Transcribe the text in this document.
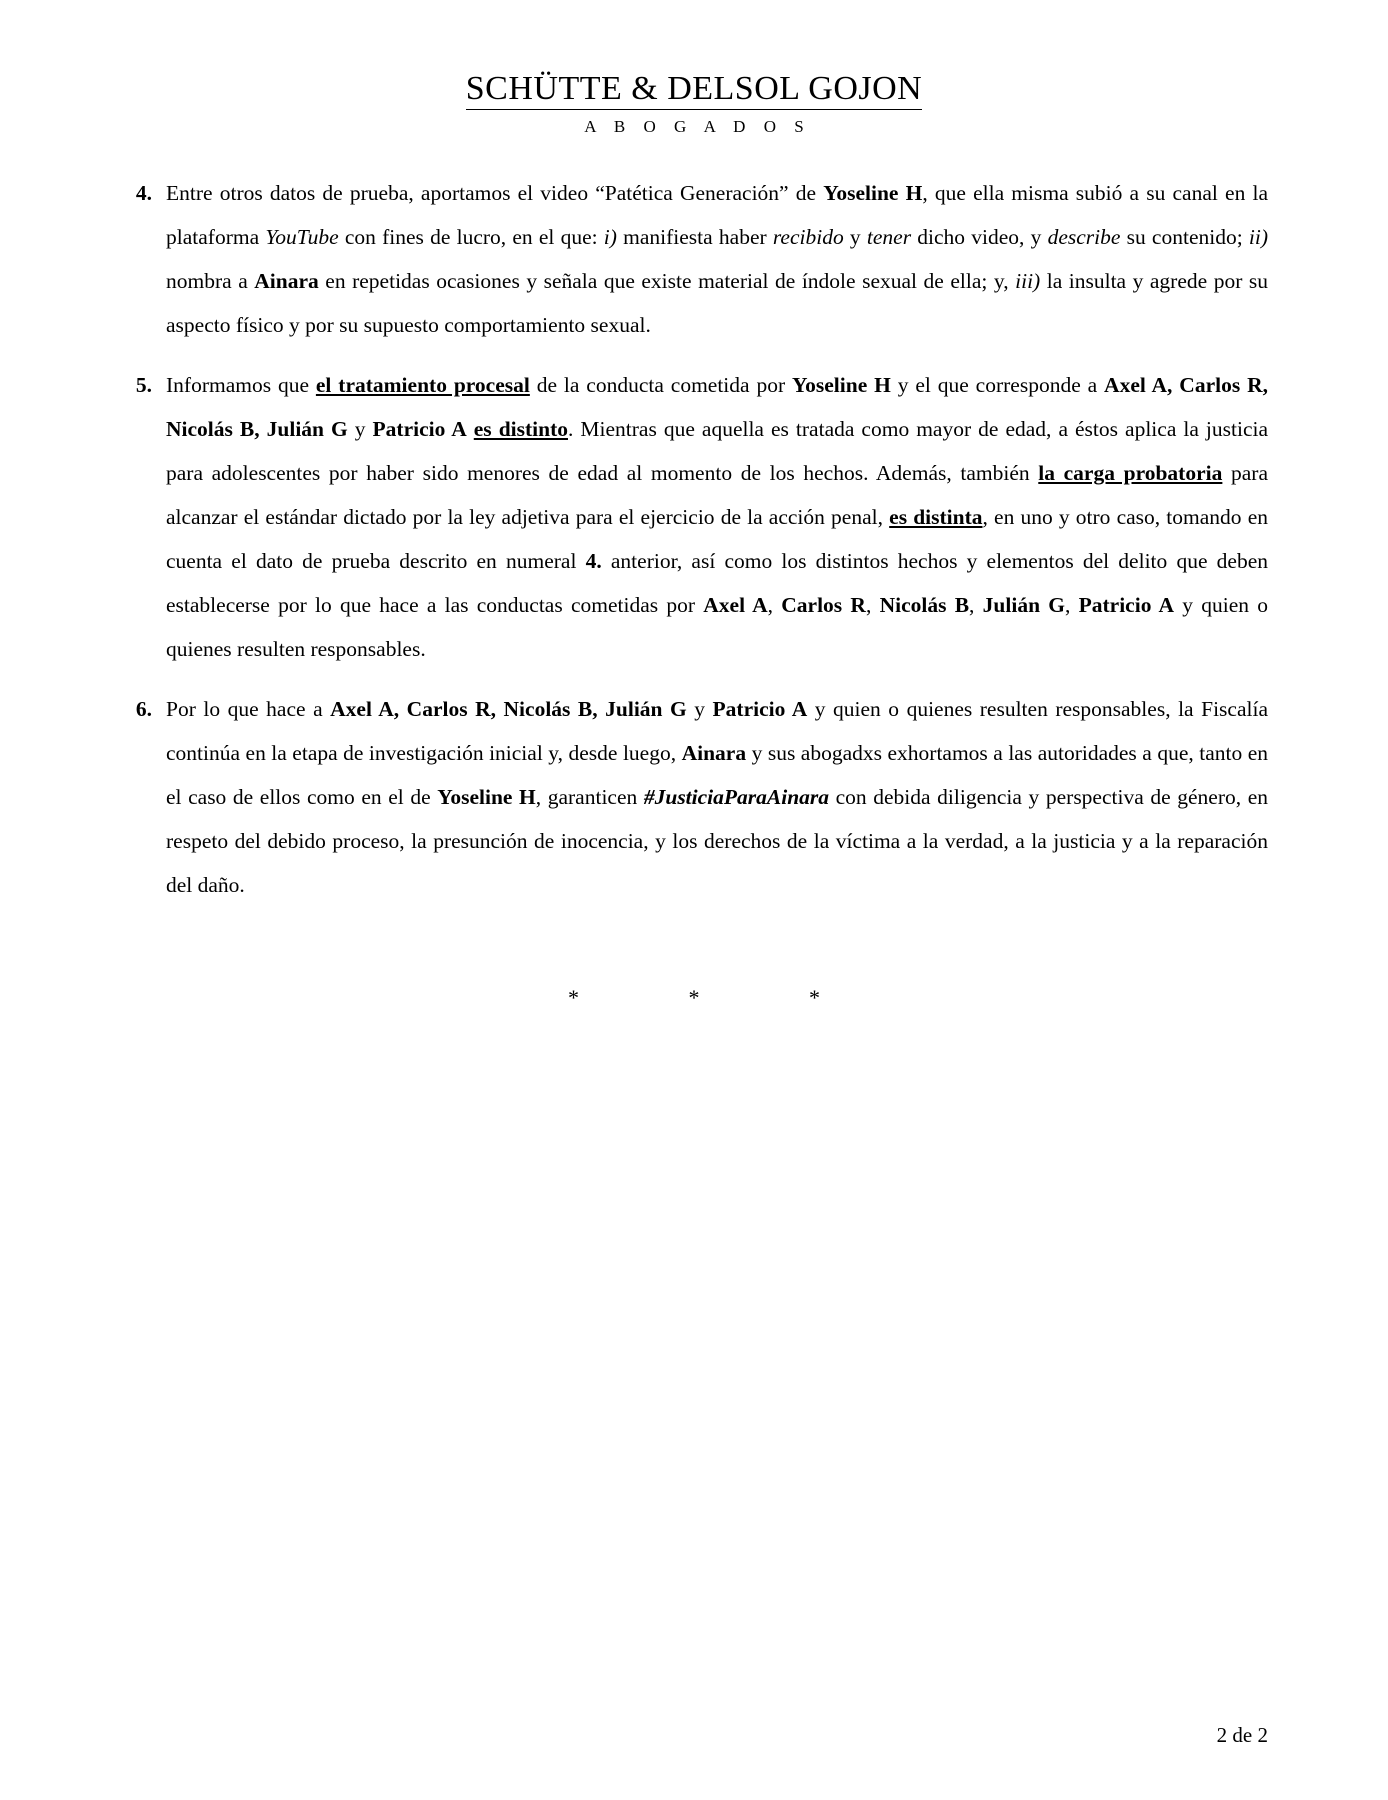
SCHÜTTE & DELSOL GOJON
A B O G A D O S
4. Entre otros datos de prueba, aportamos el video “Patética Generación” de Yoseline H, que ella misma subió a su canal en la plataforma YouTube con fines de lucro, en el que: i) manifiesta haber recibido y tener dicho video, y describe su contenido; ii) nombra a Ainara en repetidas ocasiones y señala que existe material de índole sexual de ella; y, iii) la insulta y agrede por su aspecto físico y por su supuesto comportamiento sexual.
5. Informamos que el tratamiento procesal de la conducta cometida por Yoseline H y el que corresponde a Axel A, Carlos R, Nicolás B, Julián G y Patricio A es distinto. Mientras que aquella es tratada como mayor de edad, a éstos aplica la justicia para adolescentes por haber sido menores de edad al momento de los hechos. Además, también la carga probatoria para alcanzar el estándar dictado por la ley adjetiva para el ejercicio de la acción penal, es distinta, en uno y otro caso, tomando en cuenta el dato de prueba descrito en numeral 4. anterior, así como los distintos hechos y elementos del delito que deben establecerse por lo que hace a las conductas cometidas por Axel A, Carlos R, Nicolás B, Julián G, Patricio A y quien o quienes resulten responsables.
6. Por lo que hace a Axel A, Carlos R, Nicolás B, Julián G y Patricio A y quien o quienes resulten responsables, la Fiscalía continúa en la etapa de investigación inicial y, desde luego, Ainara y sus abogadxs exhortamos a las autoridades a que, tanto en el caso de ellos como en el de Yoseline H, garanticen #JusticiaParaAinara con debida diligencia y perspectiva de género, en respeto del debido proceso, la presunción de inocencia, y los derechos de la víctima a la verdad, a la justicia y a la reparación del daño.
* * *
2 de 2
